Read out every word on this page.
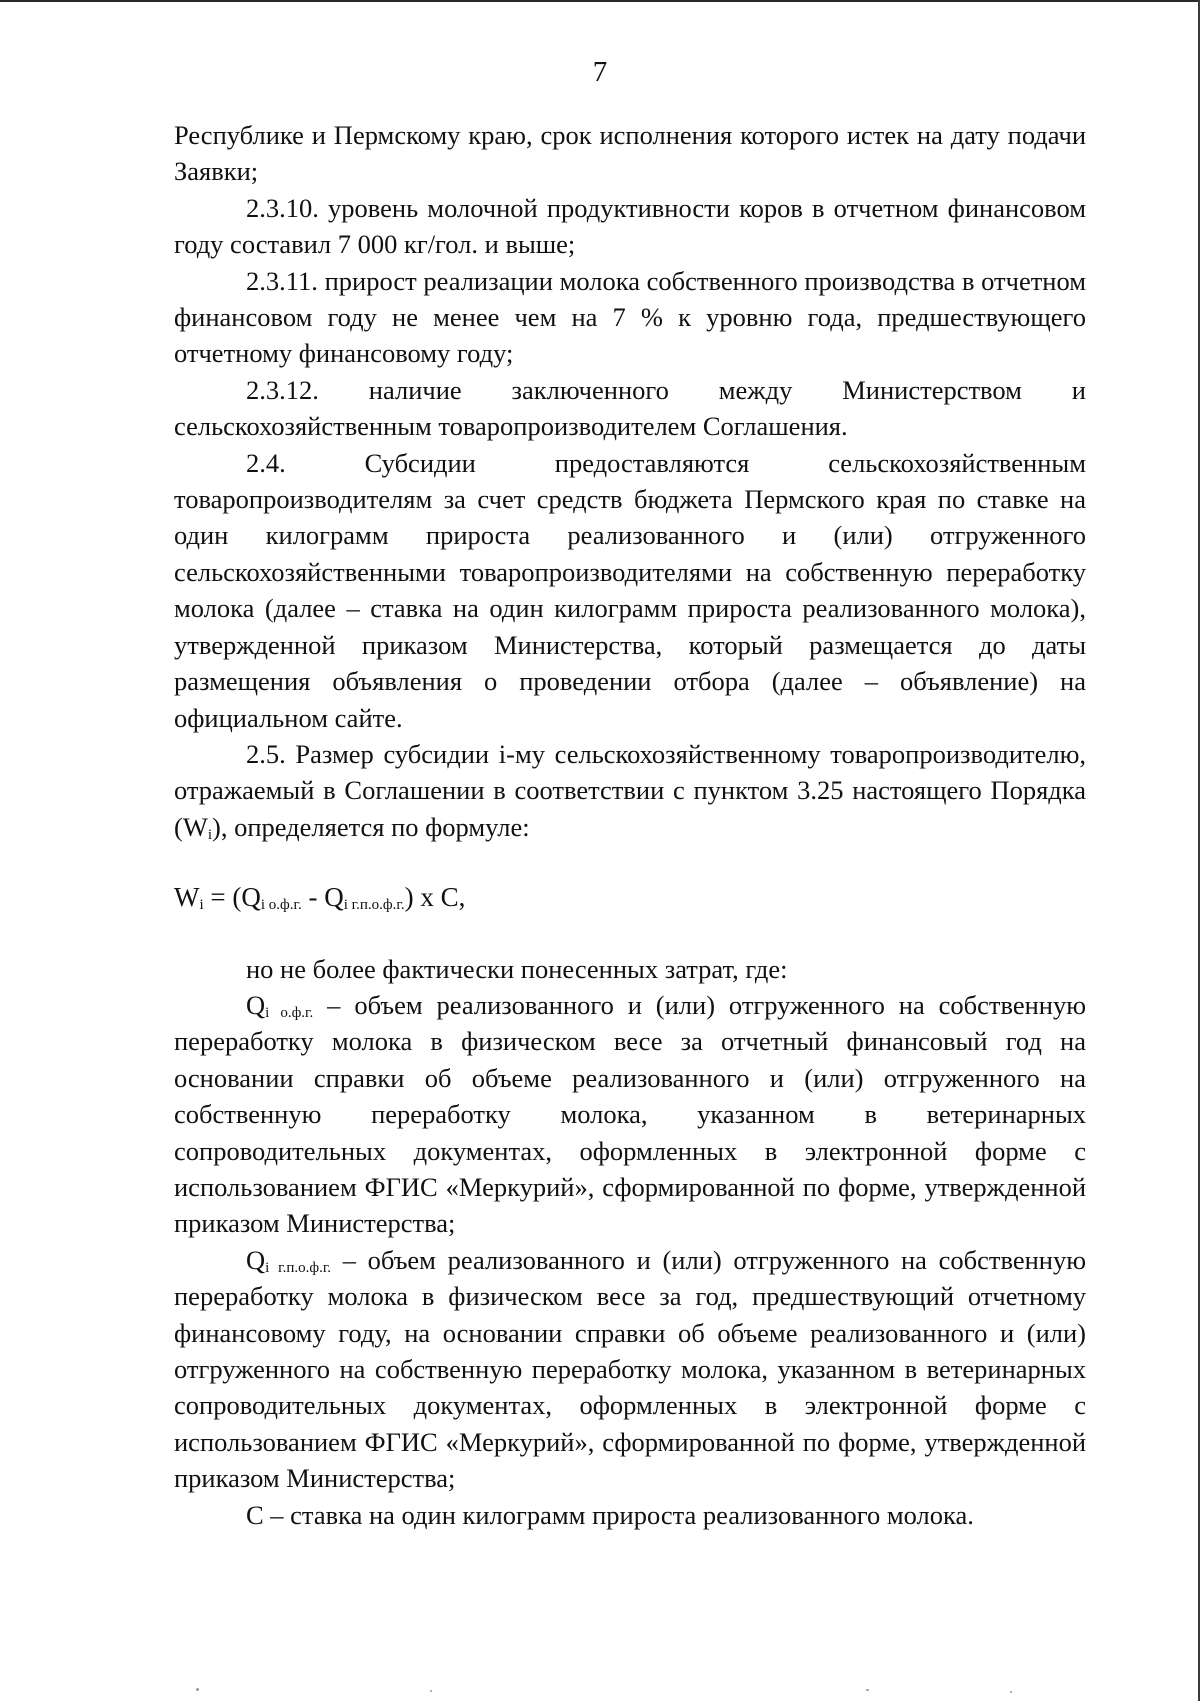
7

Республике и Пермскому краю, срок исполнения которого истек на дату подачи Заявки;

2.3.10. уровень молочной продуктивности коров в отчетном финансовом году составил 7 000 кг/гол. и выше;

2.3.11. прирост реализации молока собственного производства в отчетном финансовом году не менее чем на 7 % к уровню года, предшествующего отчетному финансовому году;

2.3.12. наличие заключенного между Министерством и сельскохозяйственным товаропроизводителем Соглашения.

2.4. Субсидии предоставляются сельскохозяйственным товаропроизводителям за счет средств бюджета Пермского края по ставке на один килограмм прироста реализованного и (или) отгруженного сельскохозяйственными товаропроизводителями на собственную переработку молока (далее – ставка на один килограмм прироста реализованного молока), утвержденной приказом Министерства, который размещается до даты размещения объявления о проведении отбора (далее – объявление) на официальном сайте.

2.5. Размер субсидии i-му сельскохозяйственному товаропроизводителю, отражаемый в Соглашении в соответствии с пунктом 3.25 настоящего Порядка $(W_i)$, определяется по формуле:

$W_i = (Q_{i о.ф.г.} - Q_{i г.п.о.ф.г.})$ х С,

но не более фактически понесенных затрат, где:

$Q_{i о.ф.г.}$ – объем реализованного и (или) отгруженного на собственную переработку молока в физическом весе за отчетный финансовый год на основании справки об объеме реализованного и (или) отгруженного на собственную переработку молока, указанном в ветеринарных сопроводительных документах, оформленных в электронной форме с использованием ФГИС «Меркурий», сформированной по форме, утвержденной приказом Министерства;

$Q_{i г.п.о.ф.г.}$ – объем реализованного и (или) отгруженного на собственную переработку молока в физическом весе за год, предшествующий отчетному финансовому году, на основании справки об объеме реализованного и (или) отгруженного на собственную переработку молока, указанном в ветеринарных сопроводительных документах, оформленных в электронной форме с использованием ФГИС «Меркурий», сформированной по форме, утвержденной приказом Министерства;

С – ставка на один килограмм прироста реализованного молока.
